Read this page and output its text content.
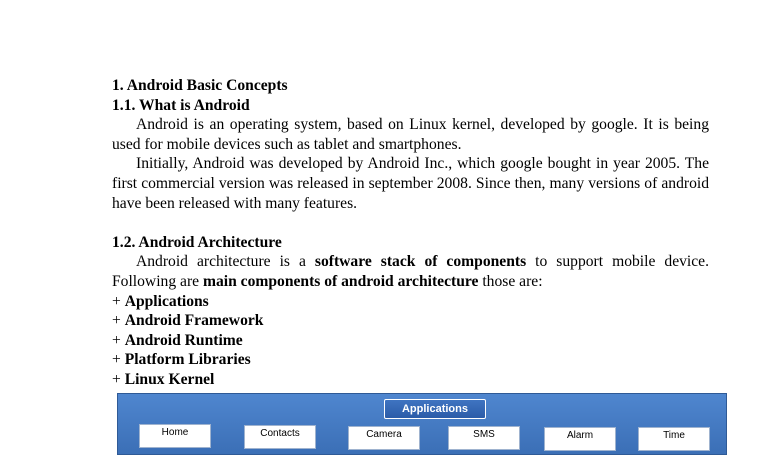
1. Android Basic Concepts

1.1. What is Android

Android is an operating system, based on Linux kernel, developed by google. It is being used for mobile devices such as tablet and smartphones.

Initially, Android was developed by Android Inc., which google bought in year 2005. The first commercial version was released in september 2008. Since then, many versions of android have been released with many features.

1.2. Android Architecture

Android architecture is a software stack of components to support mobile device. Following are main components of android architecture those are:

+ Applications

+ Android Framework

+ Android Runtime

+ Platform Libraries

+ Linux Kernel

Applications
Home	Contacts	Camera	SMS	Alarm	Time
